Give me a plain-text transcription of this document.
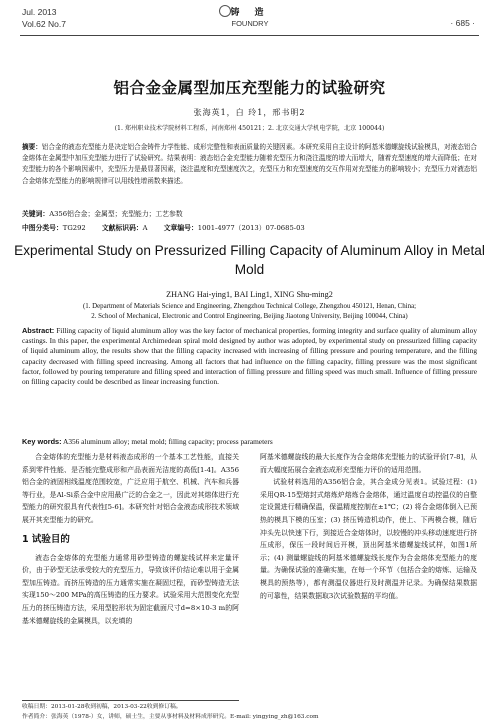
Jul. 2013
Vol.62 No.7
铸 造
FOUNDRY	· 685 ·
铝合金金属型加压充型能力的试验研究
张海英1，白 玲1，邢书明2
(1. 郑州职业技术学院材料工程系，河南郑州 450121；2. 北京交通大学机电学院，北京 100044)
摘要：铝合金的液态充型能力是决定铝合金铸件力学性能、成形完整性和表面质量的关键因素。本研究采用自主设计的阿基米德螺旋线试验模具，对液态铝合金熔体在金属型中加压充型能力进行了试验研究。结果表明：液态铝合金充型能力随着充型压力和浇注温度的增大而增大，随着充型速度的增大而降低；在对充型能力的各个影响因素中，充型压力是最显著因素，浇注温度和充型速度次之，充型压力和充型速度的交互作用对充型能力的影响较小；充型压力对液态铝合金熔体充型能力的影响规律可以用线性增函数来描述。
关键词：A356铝合金；金属型；充型能力；工艺参数
中图分类号：TG292 文献标识码：A 文章编号：1001-4977（2013）07-0685-03
Experimental Study on Pressurized Filling Capacity of Aluminum Alloy in Metal Mold
ZHANG Hai-ying1, BAI Ling1, XING Shu-ming2
(1. Department of Materials Science and Engineering, Zhengzhou Technical College, Zhengzhou 450121, Henan, China;
2. School of Mechanical, Electronic and Control Engineering, Beijing Jiaotong University, Beijing 100044, China)
Abstract: Filling capacity of liquid aluminum alloy was the key factor of mechanical properties, forming integrity and surface quality of aluminum alloy castings. In this paper, the experimental Archimedean spiral mold designed by author was adopted, by experimental study on pressurized filling capacity of liquid aluminum alloy, the results show that the filling capacity increased with increasing of filling pressure and pouring temperature, and the filling capacity decreased with filling speed increasing. Among all factors that had influence on the filling capacity, filling pressure was the most significant factor, followed by pouring temperature and filling speed and interaction of filling pressure and filling speed was much small. Influence of filling pressure on filling capacity could be described as linear increasing function.
Key words: A356 aluminum alloy; metal mold; filling capacity; process parameters

合金熔体的充型能力是材料液态成形的一个基本工艺性能，直接关系到零件性能、是否能完整成形和产品表面光洁度的高低[1-4]。A356铝合金的液固相线温度范围较宽，广泛应用于航空、机械、汽车和兵器等行业，是Al-Si系合金中应用最广泛的合金之一，因此对其熔体进行充型能力的研究很具有代表性[5-6]。本研究针对铝合金液态成形技术领域展开其充型能力的研究。

1 试验目的

液态合金熔体的充型能力通常用砂型铸造的螺旋线试样来定量评价，由于砂型无法承受较大的充型压力，导致该评价结论难以用于金属型加压铸造。而挤压铸造的压力通常实施在凝固过程，而砂型铸造无法实现150～200 MPa的高压铸造的压力要求。试验采用大范围变化充型压力的挤压铸造方法，采用型腔形状为固定截面尺寸d=8×10-3 m的阿基米德螺旋线的金属模具，以充填的

阿基米德螺旋线的最大长度作为合金熔体充型能力的试验评价[7-8]，从而大幅度拓展合金液态成形充型能力评价的适用范围。

试验材料选用的A356铝合金，其合金成分见表1。试验过程：(1) 采用QR-15型熔封式熔炼炉熔炼合金熔体，通过温度自动控温仪的自整定设置进行精确保温，保温精度控制在±1℃；(2) 将合金熔体倒入已预热的模具下模的压室；(3) 挤压铸造机动作，使上、下两模合模，随后冲头先以快速下行，到接近合金熔体时，以较慢的冲头移动速度进行挤压成形，保压一段时间后开模，顶出阿基米德螺旋线试样，如图1所示；(4) 测量螺旋线的阿基米德螺旋线长度作为合金熔体充型能力的度量。为确保试验的准确实施，在每一个环节（包括合金的熔炼、运输及模具的预热等），都有测温仪器进行及时测温并记录。为确保结果数据的可靠性，结果数据取3次试验数据的平均值。

收稿日期：2013-01-28收到初稿，2013-03-22收到修订稿。
作者简介：张海英（1978-）女，讲师，硕士生，主要从事材料及材料成形研究。E-mail: yingying_zh@163.com
